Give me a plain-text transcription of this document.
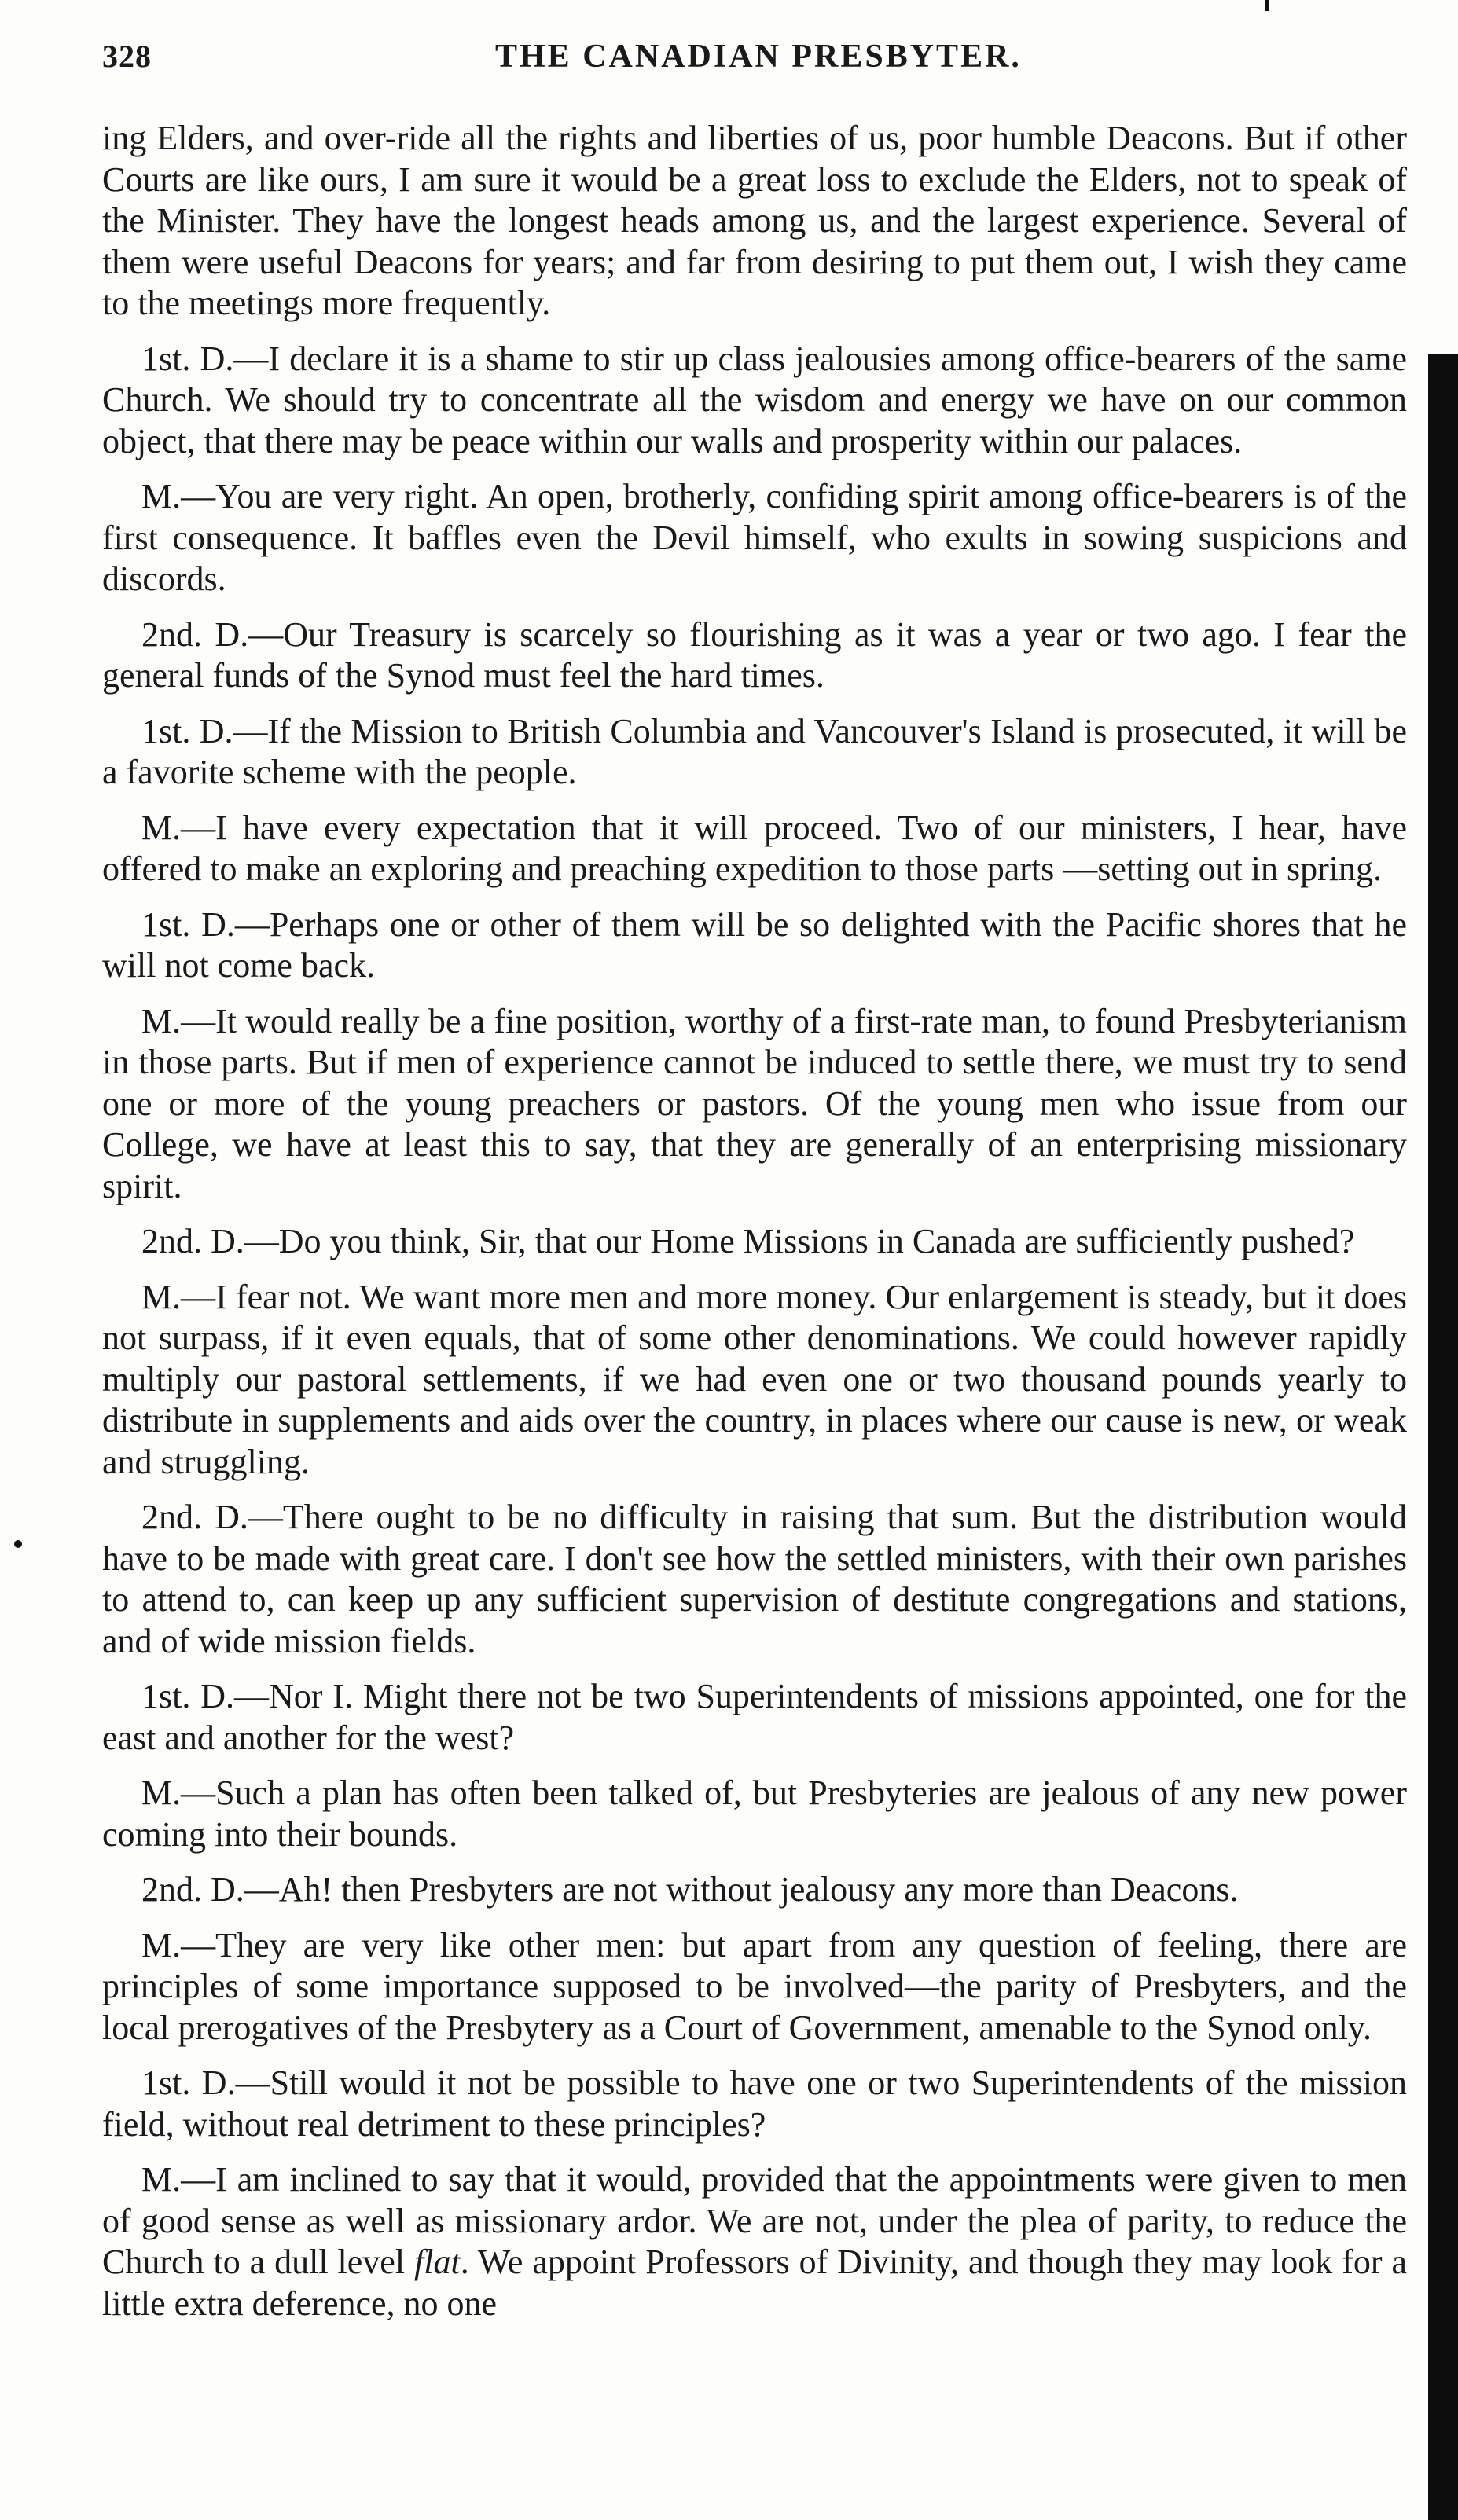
328	THE CANADIAN PRESBYTER.

ing Elders, and over-ride all the rights and liberties of us, poor humble Deacons. But if other Courts are like ours, I am sure it would be a great loss to exclude the Elders, not to speak of the Minister. They have the longest heads among us, and the largest experience. Several of them were useful Deacons for years; and far from desiring to put them out, I wish they came to the meetings more frequently.

1st. D.—I declare it is a shame to stir up class jealousies among office-bearers of the same Church. We should try to concentrate all the wisdom and energy we have on our common object, that there may be peace within our walls and prosperity within our palaces.

M.—You are very right. An open, brotherly, confiding spirit among office-bearers is of the first consequence. It baffles even the Devil himself, who exults in sowing suspicions and discords.

2nd. D.—Our Treasury is scarcely so flourishing as it was a year or two ago. I fear the general funds of the Synod must feel the hard times.

1st. D.—If the Mission to British Columbia and Vancouver's Island is prosecuted, it will be a favorite scheme with the people.

M.—I have every expectation that it will proceed. Two of our ministers, I hear, have offered to make an exploring and preaching expedition to those parts —setting out in spring.

1st. D.—Perhaps one or other of them will be so delighted with the Pacific shores that he will not come back.

M.—It would really be a fine position, worthy of a first-rate man, to found Presbyterianism in those parts. But if men of experience cannot be induced to settle there, we must try to send one or more of the young preachers or pastors. Of the young men who issue from our College, we have at least this to say, that they are generally of an enterprising missionary spirit.

2nd. D.—Do you think, Sir, that our Home Missions in Canada are sufficiently pushed?

M.—I fear not. We want more men and more money. Our enlargement is steady, but it does not surpass, if it even equals, that of some other denominations. We could however rapidly multiply our pastoral settlements, if we had even one or two thousand pounds yearly to distribute in supplements and aids over the country, in places where our cause is new, or weak and struggling.

2nd. D.—There ought to be no difficulty in raising that sum. But the distribution would have to be made with great care. I don't see how the settled ministers, with their own parishes to attend to, can keep up any sufficient supervision of destitute congregations and stations, and of wide mission fields.

1st. D.—Nor I. Might there not be two Superintendents of missions appointed, one for the east and another for the west?

M.—Such a plan has often been talked of, but Presbyteries are jealous of any new power coming into their bounds.

2nd. D.—Ah! then Presbyters are not without jealousy any more than Deacons.

M.—They are very like other men: but apart from any question of feeling, there are principles of some importance supposed to be involved—the parity of Presbyters, and the local prerogatives of the Presbytery as a Court of Government, amenable to the Synod only.

1st. D.—Still would it not be possible to have one or two Superintendents of the mission field, without real detriment to these principles?

M.—I am inclined to say that it would, provided that the appointments were given to men of good sense as well as missionary ardor. We are not, under the plea of parity, to reduce the Church to a dull level flat. We appoint Professors of Divinity, and though they may look for a little extra deference, no one
